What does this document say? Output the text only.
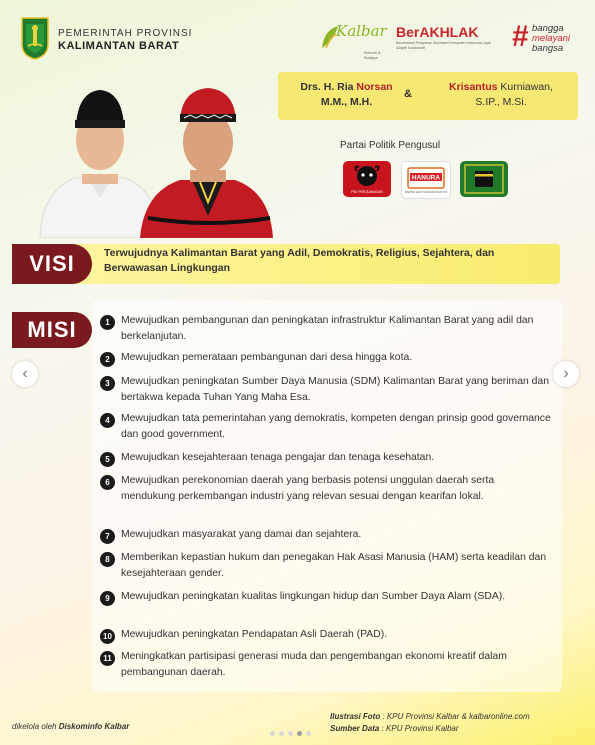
PEMERINTAH PROVINSI
KALIMANTAN BARAT
Kalbar
Ramah & Budaya
BerAKHLAK
Berorientasi Pelayanan Akuntabel Kompeten Harmonis Loyal Adaptif Kolaboratif	# bangga
melayani
bangsa
Drs. H. Ria Norsan
M.M., M.H.
&
Krisantus Kurniawan,
S.IP., M.Si.
Partai Politik Pengusul
PDI PERJUANGAN
HANURA
PARTAI HATI NURANI RAKYAT
VISI	Terwujudnya Kalimantan Barat yang Adil, Demokratis, Religius, Sejahtera, dan Berwawasan Lingkungan
MISI	1	Mewujudkan pembangunan dan peningkatan infrastruktur Kalimantan Barat yang adil dan berkelanjutan.
2	Mewujudkan pemerataan pembangunan dari desa hingga kota.
3	Mewujudkan peningkatan Sumber Daya Manusia (SDM) Kalimantan Barat yang beriman dan bertakwa kepada Tuhan Yang Maha Esa.
4	Mewujudkan tata pemerintahan yang demokratis, kompeten dengan prinsip good governance dan good government.
5	Mewujudkan kesejahteraan tenaga pengajar dan tenaga kesehatan.
6	Mewujudkan perekonomian daerah yang berbasis potensi unggulan daerah serta mendukung perkembangan industri yang relevan sesuai dengan kearifan lokal.
7	Mewujudkan masyarakat yang damai dan sejahtera.
8	Memberikan kepastian hukum dan penegakan Hak Asasi Manusia (HAM) serta keadilan dan kesejahteraan gender.
9	Mewujudkan peningkatan kualitas lingkungan hidup dan Sumber Daya Alam (SDA).
10 Mewujudkan peningkatan Pendapatan Asli Daerah (PAD).
11 Meningkatkan partisipasi generasi muda dan pengembangan ekonomi kreatif dalam pembangunan daerah.
‹	›
dikelola oleh Diskominfo Kalbar
Ilustrasi Foto : KPU Provinsi Kalbar & kalbaronline.com
Sumber Data : KPU Provinsi Kalbar
